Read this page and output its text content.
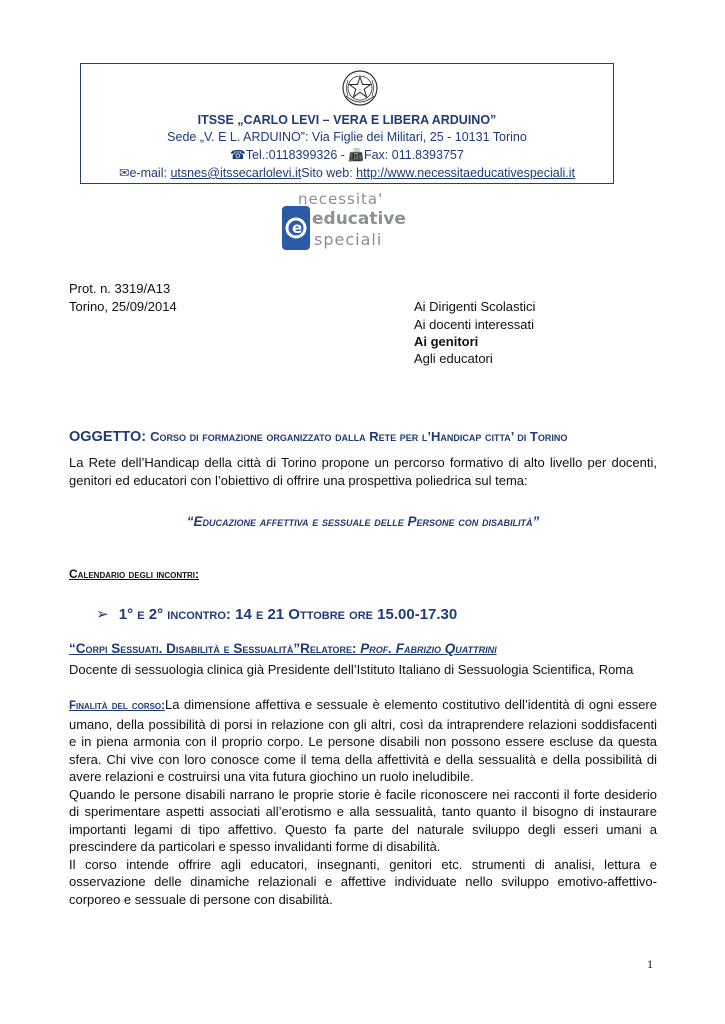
ITSSE „CARLO LEVI – VERA E LIBERA ARDUINO”
Sede „V. E L. ARDUINO”: Via Figlie dei Militari, 25 - 10131 Torino
☎Tel.:0118399326 - 📠Fax: 011.8393757
✉e-mail: utsnes@itssecarlolevi.itSito web: http://www.necessitaeducativespeciali.it
e
necessita'
educative
speciali
Prot. n. 3319/A13
Torino, 25/09/2014	Ai Dirigenti Scolastici
Ai docenti interessati
Ai genitori
Agli educatori
OGGETTO: Corso di formazione organizzato dalla Rete per l’Handicap citta’ di Torino
La Rete dell’Handicap della città di Torino propone un percorso formativo di alto livello per docenti, genitori ed educatori con l’obiettivo di offrire una prospettiva poliedrica sul tema:
“Educazione affettiva e sessuale delle Persone con disabilità”
Calendario degli incontri:
➢ 1° e 2° incontro: 14 e 21 Ottobre ore 15.00-17.30
“Corpi Sessuati. Disabilità e Sessualità”Relatore: Prof. Fabrizio Quattrini
Docente di sessuologia clinica già Presidente dell’Istituto Italiano di Sessuologia Scientifica, Roma
Finalità del corso:La dimensione affettiva e sessuale è elemento costitutivo dell’identità di ogni essere umano, della possibilità di porsi in relazione con gli altri, così da intraprendere relazioni soddisfacenti e in piena armonia con il proprio corpo. Le persone disabili non possono essere escluse da questa sfera. Chi vive con loro conosce come il tema della affettività e della sessualità e della possibilità di avere relazioni e costruirsi una vita futura giochino un ruolo ineludibile.
Quando le persone disabili narrano le proprie storie è facile riconoscere nei racconti il forte desiderio di sperimentare aspetti associati all’erotismo e alla sessualità, tanto quanto il bisogno di instaurare importanti legami di tipo affettivo. Questo fa parte del naturale sviluppo degli esseri umani a prescindere da particolari e spesso invalidanti forme di disabilità.
Il corso intende offrire agli educatori, insegnanti, genitori etc. strumenti di analisi, lettura e osservazione delle dinamiche relazionali e affettive individuate nello sviluppo emotivo-affettivo-corporeo e sessuale di persone con disabilità.
1
